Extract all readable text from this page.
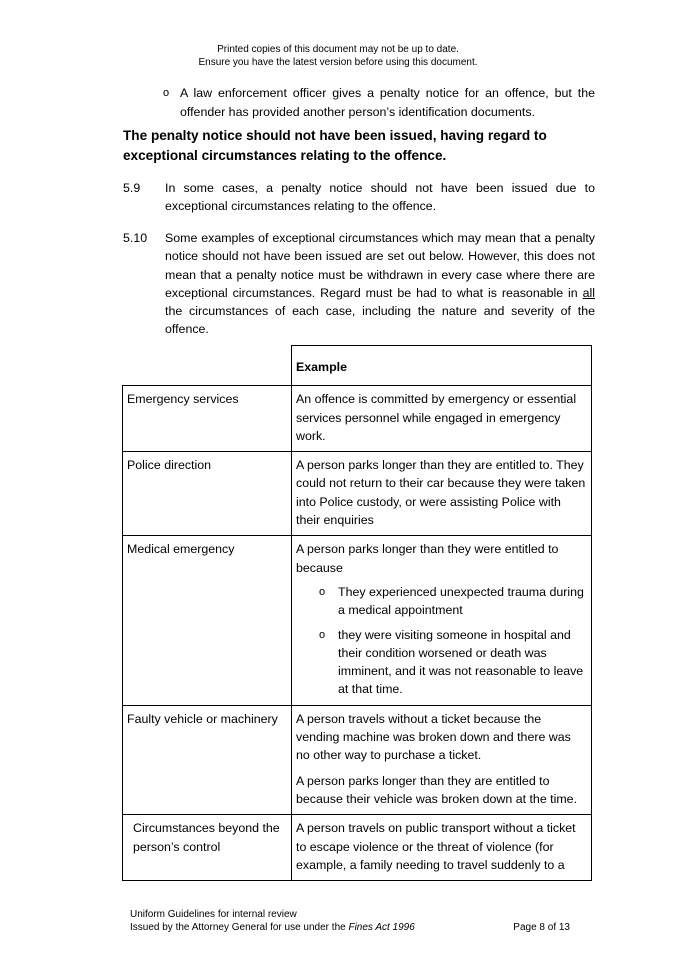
Printed copies of this document may not be up to date.
Ensure you have the latest version before using this document.
o A law enforcement officer gives a penalty notice for an offence, but the offender has provided another person’s identification documents.
The penalty notice should not have been issued, having regard to exceptional circumstances relating to the offence.
5.9 In some cases, a penalty notice should not have been issued due to exceptional circumstances relating to the offence.
5.10 Some examples of exceptional circumstances which may mean that a penalty notice should not have been issued are set out below. However, this does not mean that a penalty notice must be withdrawn in every case where there are exceptional circumstances. Regard must be had to what is reasonable in all the circumstances of each case, including the nature and severity of the offence.
	Example
Emergency services	An offence is committed by emergency or essential services personnel while engaged in emergency work.
Police direction	A person parks longer than they are entitled to. They could not return to their car because they were taken into Police custody, or were assisting Police with their enquiries
Medical emergency	A person parks longer than they were entitled to because
o They experienced unexpected trauma during a medical appointment
o they were visiting someone in hospital and their condition worsened or death was imminent, and it was not reasonable to leave at that time.

Faulty vehicle or machinery	A person travels without a ticket because the vending machine was broken down and there was no other way to purchase a ticket.
A person parks longer than they are entitled to because their vehicle was broken down at the time.

Circumstances beyond the person’s control	A person travels on public transport without a ticket to escape violence or the threat of violence (for example, a family needing to travel suddenly to a
Uniform Guidelines for internal review
Issued by the Attorney General for use under the Fines Act 1996	Page 8 of 13
